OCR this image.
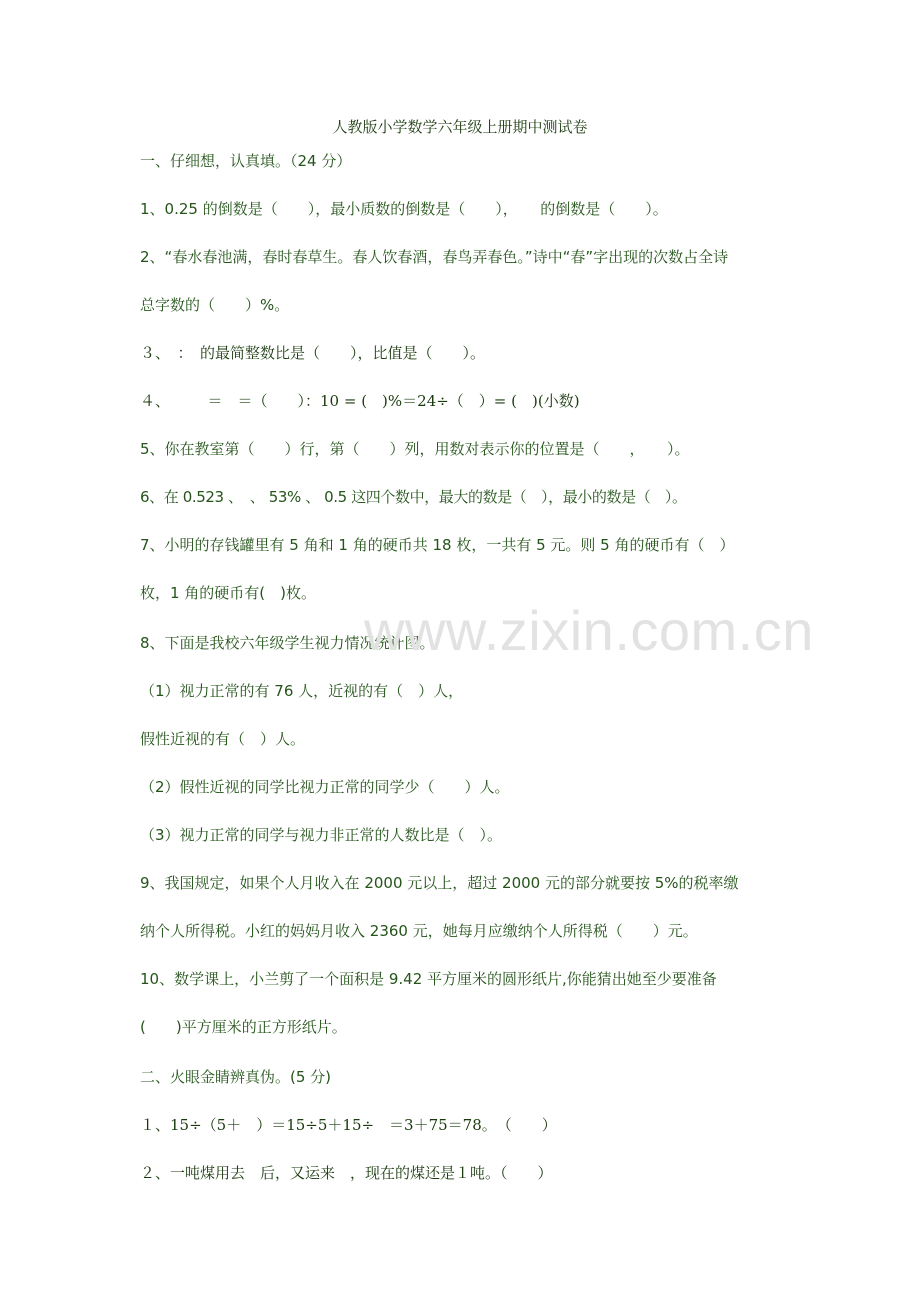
人教版小学数学六年级上册期中测试卷
一、仔细想，认真填。（24 分）
1、0.25 的倒数是（　　），最小质数的倒数是（　　），　　的倒数是（　　）。
2、“春水春池满，春时春草生。春人饮春酒，春鸟弄春色。”诗中“春”字出现的次数占全诗
总字数的（　　）%。
３、　：　的最简整数比是（　　），比值是（　　）。
４、　　　＝　＝（　　）：10 = (　)%＝24÷（　）= (　)(小数)
5、你在教室第（　　）行，第（　　）列，用数对表示你的位置是（　　，　　）。
6、在 0.523 、　、 53% 、 0.5 这四个数中，最大的数是（　），最小的数是（　）。
7、小明的存钱罐里有 5 角和 1 角的硬币共 18 枚，一共有 5 元。则 5 角的硬币有（　）
枚，1 角的硬币有(　)枚。
8、下面是我校六年级学生视力情况统计图。
（1）视力正常的有 76 人，近视的有（　）人，
假性近视的有（　）人。
（2）假性近视的同学比视力正常的同学少（　　）人。
（3）视力正常的同学与视力非正常的人数比是（　）。
9、我国规定，如果个人月收入在 2000 元以上，超过 2000 元的部分就要按 5%的税率缴
纳个人所得税。小红的妈妈月收入 2360 元，她每月应缴纳个人所得税（　　）元。
10、数学课上，小兰剪了一个面积是 9.42 平方厘米的圆形纸片,你能猜出她至少要准备
(　　)平方厘米的正方形纸片。
二、火眼金睛辨真伪。(5 分)
１、15÷（5＋　）＝15÷5＋15÷　＝3＋75＝78。　（　　）
２、一吨煤用去　后，又运来　，现在的煤还是１吨。（　　）
www.zixin.com.cn
